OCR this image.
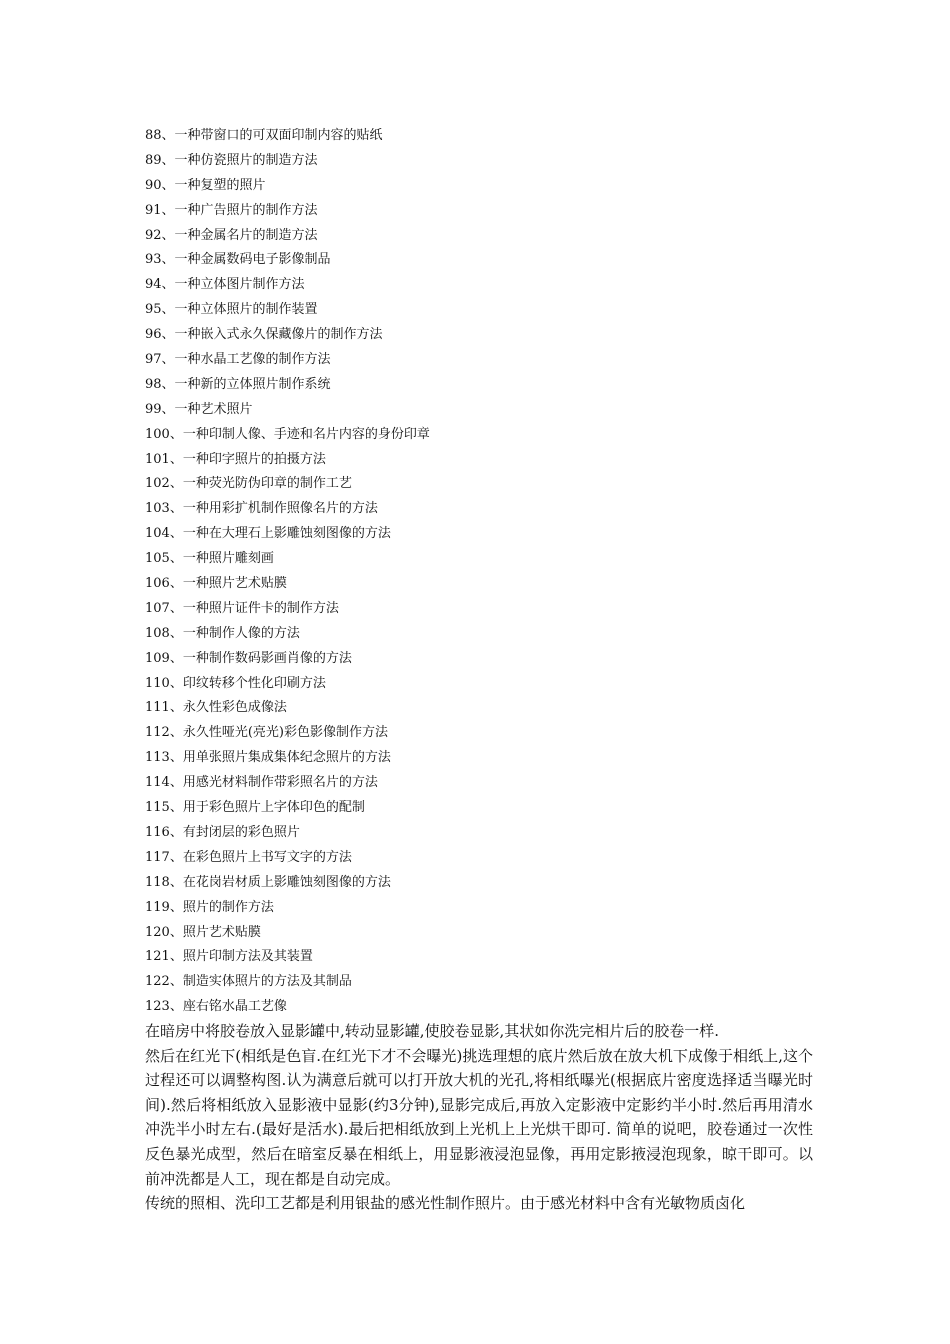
88、一种带窗口的可双面印制内容的贴纸
89、一种仿瓷照片的制造方法
90、一种复塑的照片
91、一种广告照片的制作方法
92、一种金属名片的制造方法
93、一种金属数码电子影像制品
94、一种立体图片制作方法
95、一种立体照片的制作装置
96、一种嵌入式永久保藏像片的制作方法
97、一种水晶工艺像的制作方法
98、一种新的立体照片制作系统
99、一种艺术照片
100、一种印制人像、手迹和名片内容的身份印章
101、一种印字照片的拍摄方法
102、一种荧光防伪印章的制作工艺
103、一种用彩扩机制作照像名片的方法
104、一种在大理石上影雕蚀刻图像的方法
105、一种照片雕刻画
106、一种照片艺术贴膜
107、一种照片证件卡的制作方法
108、一种制作人像的方法
109、一种制作数码影画肖像的方法
110、印纹转移个性化印刷方法
111、永久性彩色成像法
112、永久性哑光(亮光)彩色影像制作方法
113、用单张照片集成集体纪念照片的方法
114、用感光材料制作带彩照名片的方法
115、用于彩色照片上字体印色的配制
116、有封闭层的彩色照片
117、在彩色照片上书写文字的方法
118、在花岗岩材质上影雕蚀刻图像的方法
119、照片的制作方法
120、照片艺术贴膜
121、照片印制方法及其装置
122、制造实体照片的方法及其制品
123、座右铭水晶工艺像

在暗房中将胶卷放入显影罐中,转动显影罐,使胶卷显影,其状如你洗完相片后的胶卷一样.

然后在红光下(相纸是色盲.在红光下才不会曝光)挑选理想的底片然后放在放大机下成像于相纸上,这个过程还可以调整构图.认为满意后就可以打开放大机的光孔,将相纸曝光(根据底片密度选择适当曝光时间).然后将相纸放入显影液中显影(约3分钟),显影完成后,再放入定影液中定影约半小时.然后再用清水冲洗半小时左右.(最好是活水).最后把相纸放到上光机上上光烘干即可. 简单的说吧，胶卷通过一次性反色暴光成型，然后在暗室反暴在相纸上，用显影液浸泡显像，再用定影掖浸泡现象，晾干即可。以前冲洗都是人工，现在都是自动完成。

传统的照相、洗印工艺都是利用银盐的感光性制作照片。由于感光材料中含有光敏物质卤化
